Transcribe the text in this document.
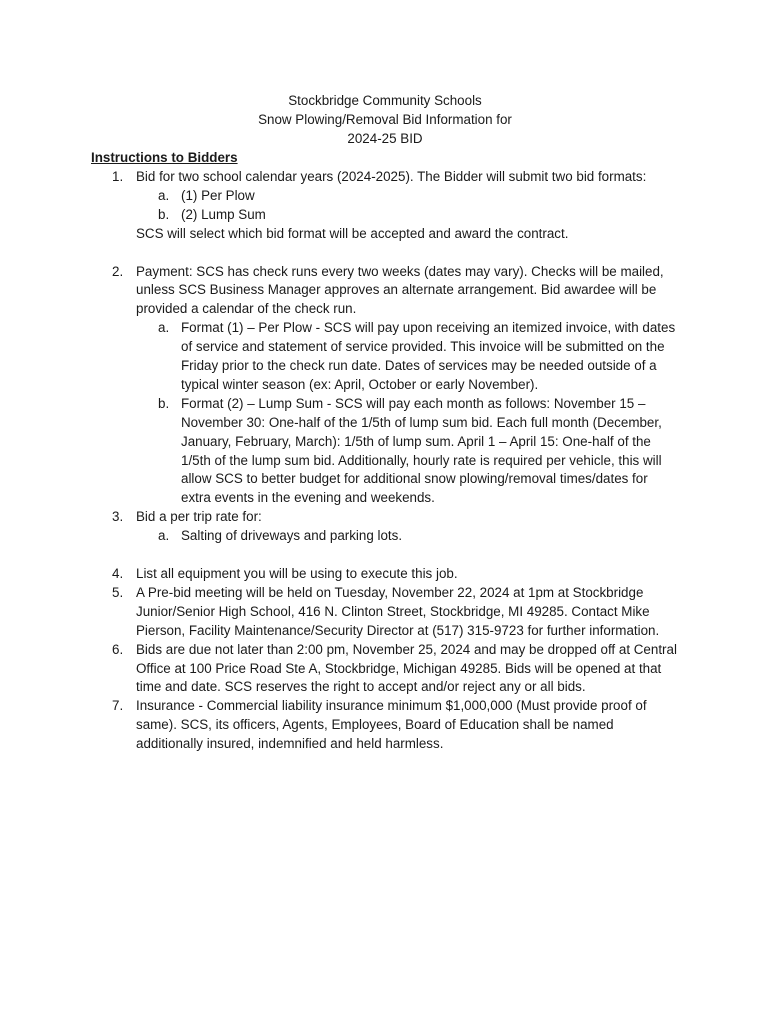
Stockbridge Community Schools
Snow Plowing/Removal Bid Information for
2024-25 BID
Instructions to Bidders
1. Bid for two school calendar years (2024-2025). The Bidder will submit two bid formats:
a. (1) Per Plow
b. (2) Lump Sum
SCS will select which bid format will be accepted and award the contract.
2. Payment: SCS has check runs every two weeks (dates may vary). Checks will be mailed, unless SCS Business Manager approves an alternate arrangement. Bid awardee will be provided a calendar of the check run.
a. Format (1) – Per Plow - SCS will pay upon receiving an itemized invoice, with dates of service and statement of service provided. This invoice will be submitted on the Friday prior to the check run date. Dates of services may be needed outside of a typical winter season (ex: April, October or early November).
b. Format (2) – Lump Sum - SCS will pay each month as follows: November 15 – November 30: One-half of the 1/5th of lump sum bid. Each full month (December, January, February, March): 1/5th of lump sum. April 1 – April 15: One-half of the 1/5th of the lump sum bid. Additionally, hourly rate is required per vehicle, this will allow SCS to better budget for additional snow plowing/removal times/dates for extra events in the evening and weekends.
3. Bid a per trip rate for:
a. Salting of driveways and parking lots.
4. List all equipment you will be using to execute this job.
5. A Pre-bid meeting will be held on Tuesday, November 22, 2024 at 1pm at Stockbridge Junior/Senior High School, 416 N. Clinton Street, Stockbridge, MI 49285. Contact Mike Pierson, Facility Maintenance/Security Director at (517) 315-9723 for further information.
6. Bids are due not later than 2:00 pm, November 25, 2024 and may be dropped off at Central Office at 100 Price Road Ste A, Stockbridge, Michigan 49285. Bids will be opened at that time and date. SCS reserves the right to accept and/or reject any or all bids.
7. Insurance - Commercial liability insurance minimum $1,000,000 (Must provide proof of same). SCS, its officers, Agents, Employees, Board of Education shall be named additionally insured, indemnified and held harmless.
